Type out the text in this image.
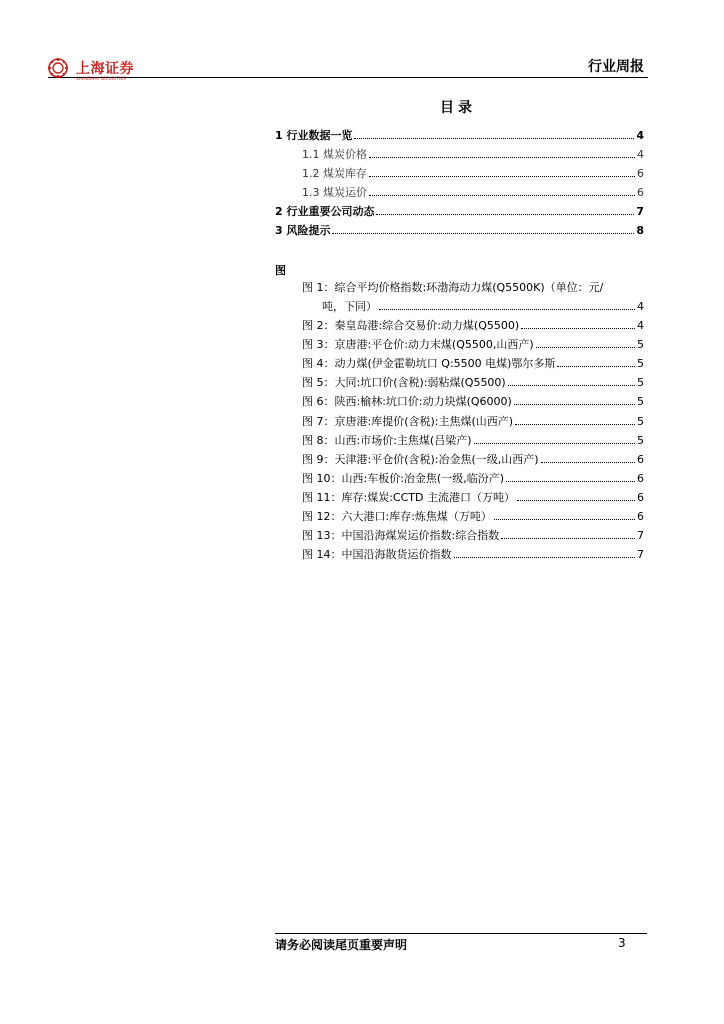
上海证券
SHANGHAI SECURITIES
行业周报
目录
1 行业数据一览	4
1.1 煤炭价格	4
1.2 煤炭库存	6
1.3 煤炭运价	6
2 行业重要公司动态	7
3 风险提示	8
图
图 1：综合平均价格指数:环渤海动力煤(Q5500K)（单位：元/
吨，下同）	4
图 2：秦皇岛港:综合交易价:动力煤(Q5500)	4
图 3：京唐港:平仓价:动力末煤(Q5500,山西产)	5
图 4：动力煤(伊金霍勒坑口 Q:5500 电煤)鄂尔多斯	5
图 5：大同:坑口价(含税):弱粘煤(Q5500)	5
图 6：陕西:榆林:坑口价:动力块煤(Q6000)	5
图 7：京唐港:库提价(含税):主焦煤(山西产)	5
图 8：山西:市场价:主焦煤(吕梁产)	5
图 9：天津港:平仓价(含税):冶金焦(一级,山西产)	6
图 10：山西:车板价:冶金焦(一级,临汾产)	6
图 11：库存:煤炭:CCTD 主流港口（万吨）	6
图 12：六大港口:库存:炼焦煤（万吨）	6
图 13：中国沿海煤炭运价指数:综合指数	7
图 14：中国沿海散货运价指数	7
请务必阅读尾页重要声明	3
